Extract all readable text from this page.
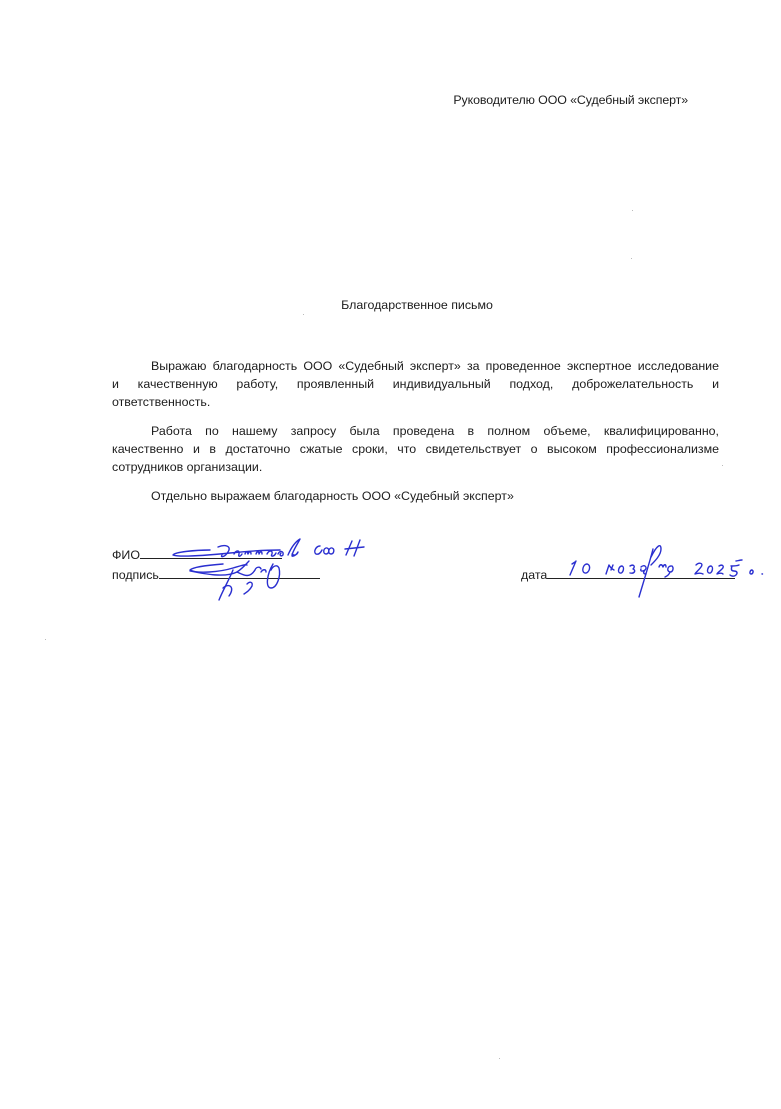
Руководителю ООО «Судебный эксперт»
Благодарственное письмо
Выражаю благодарность ООО «Судебный эксперт» за проведенное экспертное исследование
и качественную работу, проявленный индивидуальный подход, доброжелательность и
ответственность.
Работа по нашему запросу была проведена в полном объеме, квалифицированно,
качественно и в достаточно сжатые сроки, что свидетельствует о высоком профессионализме
сотрудников организации.
Отдельно выражаем благодарность ООО «Судебный эксперт»
ФИО
подпись	дата
